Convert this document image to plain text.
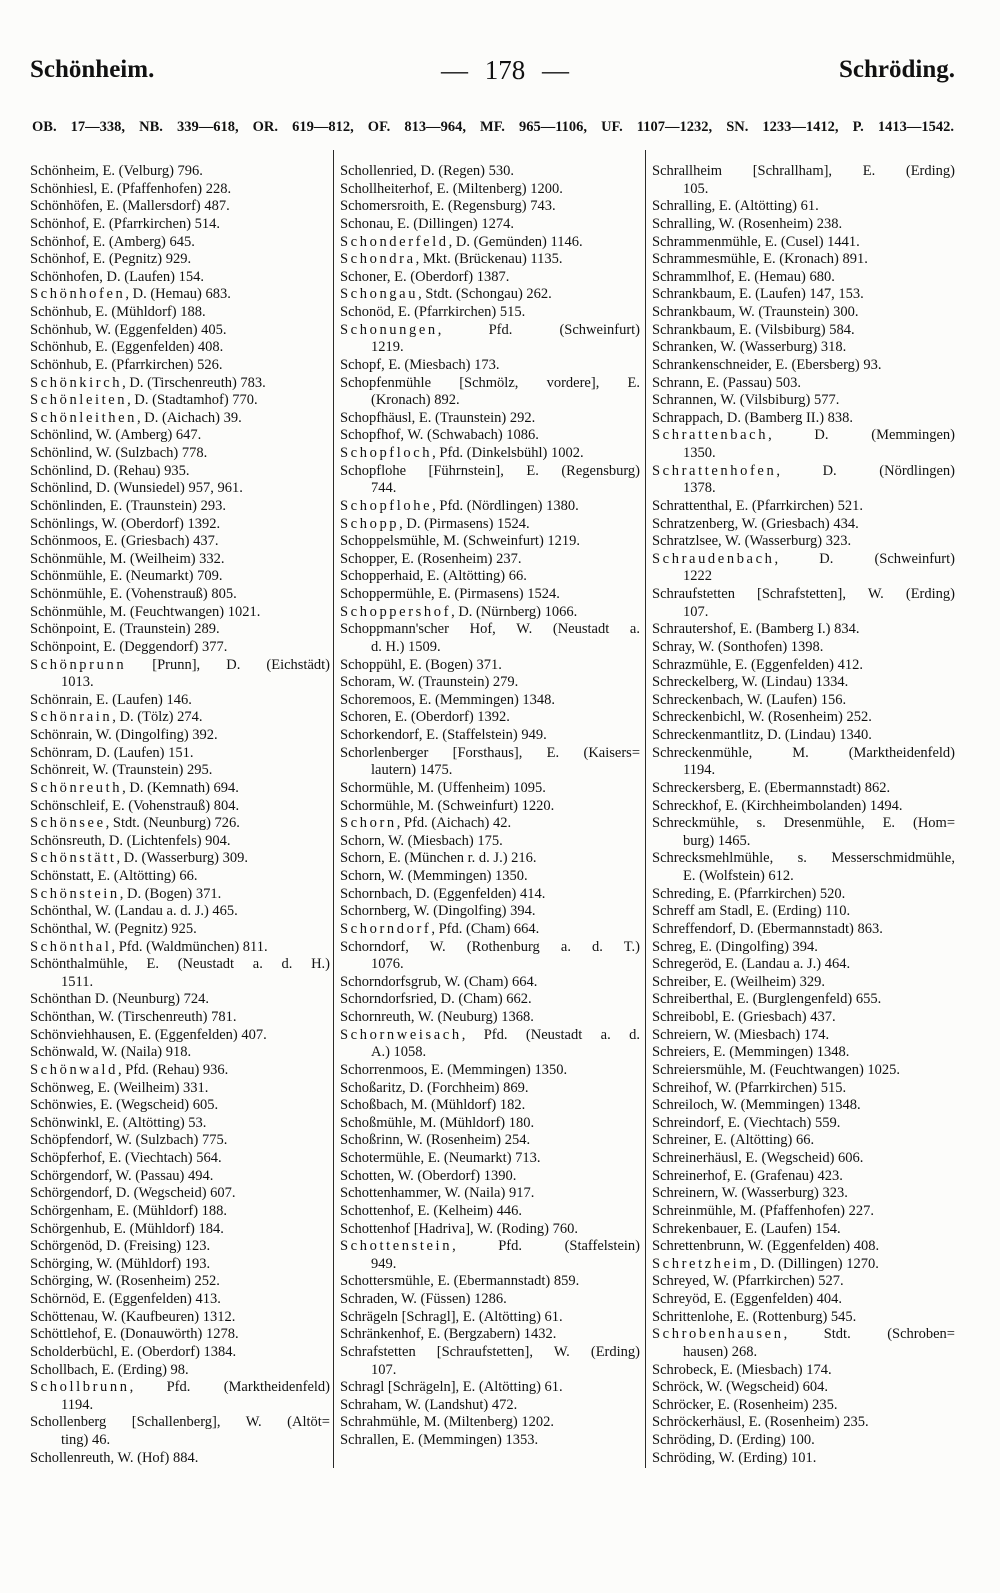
Schönheim.	— 178 —	Schröding.
OB. 17—338, NB. 339—618, OR. 619—812, OF. 813—964, MF. 965—1106, UF. 1107—1232, SN. 1233—1412, P. 1413—1542.
Schönheim, E. (Velburg) 796.
Schönhiesl, E. (Pfaffenhofen) 228.
Schönhöfen, E. (Mallersdorf) 487.
Schönhof, E. (Pfarrkirchen) 514.
Schönhof, E. (Amberg) 645.
Schönhof, E. (Pegnitz) 929.
Schönhofen, D. (Laufen) 154.
Schönhofen, D. (Hemau) 683.
Schönhub, E. (Mühldorf) 188.
Schönhub, W. (Eggenfelden) 405.
Schönhub, E. (Eggenfelden) 408.
Schönhub, E. (Pfarrkirchen) 526.
Schönkirch, D. (Tirschenreuth) 783.
Schönleiten, D. (Stadtamhof) 770.
Schönleithen, D. (Aichach) 39.
Schönlind, W. (Amberg) 647.
Schönlind, W. (Sulzbach) 778.
Schönlind, D. (Rehau) 935.
Schönlind, D. (Wunsiedel) 957, 961.
Schönlinden, E. (Traunstein) 293.
Schönlings, W. (Oberdorf) 1392.
Schönmoos, E. (Griesbach) 437.
Schönmühle, M. (Weilheim) 332.
Schönmühle, E. (Neumarkt) 709.
Schönmühle, E. (Vohenstrauß) 805.
Schönmühle, M. (Feuchtwangen) 1021.
Schönpoint, E. (Traunstein) 289.
Schönpoint, E. (Deggendorf) 377.
Schönprunn [Prunn], D. (Eichstädt)
1013.
Schönrain, E. (Laufen) 146.
Schönrain, D. (Tölz) 274.
Schönrain, W. (Dingolfing) 392.
Schönram, D. (Laufen) 151.
Schönreit, W. (Traunstein) 295.
Schönreuth, D. (Kemnath) 694.
Schönschleif, E. (Vohenstrauß) 804.
Schönsee, Stdt. (Neunburg) 726.
Schönsreuth, D. (Lichtenfels) 904.
Schönstätt, D. (Wasserburg) 309.
Schönstatt, E. (Altötting) 66.
Schönstein, D. (Bogen) 371.
Schönthal, W. (Landau a. d. J.) 465.
Schönthal, W. (Pegnitz) 925.
Schönthal, Pfd. (Waldmünchen) 811.
Schönthalmühle, E. (Neustadt a. d. H.)
1511.
Schönthan D. (Neunburg) 724.
Schönthan, W. (Tirschenreuth) 781.
Schönviehhausen, E. (Eggenfelden) 407.
Schönwald, W. (Naila) 918.
Schönwald, Pfd. (Rehau) 936.
Schönweg, E. (Weilheim) 331.
Schönwies, E. (Wegscheid) 605.
Schönwinkl, E. (Altötting) 53.
Schöpfendorf, W. (Sulzbach) 775.
Schöpferhof, E. (Viechtach) 564.
Schörgendorf, W. (Passau) 494.
Schörgendorf, D. (Wegscheid) 607.
Schörgenham, E. (Mühldorf) 188.
Schörgenhub, E. (Mühldorf) 184.
Schörgenöd, D. (Freising) 123.
Schörging, W. (Mühldorf) 193.
Schörging, W. (Rosenheim) 252.
Schörnöd, E. (Eggenfelden) 413.
Schöttenau, W. (Kaufbeuren) 1312.
Schöttlehof, E. (Donauwörth) 1278.
Scholderbüchl, E. (Oberdorf) 1384.
Schollbach, E. (Erding) 98.
Schollbrunn, Pfd. (Marktheidenfeld)
1194.
Schollenberg [Schallenberg], W. (Altöt=
ting) 46.
Schollenreuth, W. (Hof) 884.
Schollenried, D. (Regen) 530.
Schollheiterhof, E. (Miltenberg) 1200.
Schomersroith, E. (Regensburg) 743.
Schonau, E. (Dillingen) 1274.
Schonderfeld, D. (Gemünden) 1146.
Schondra, Mkt. (Brückenau) 1135.
Schoner, E. (Oberdorf) 1387.
Schongau, Stdt. (Schongau) 262.
Schonöd, E. (Pfarrkirchen) 515.
Schonungen, Pfd. (Schweinfurt)
1219.
Schopf, E. (Miesbach) 173.
Schopfenmühle [Schmölz, vordere], E.
(Kronach) 892.
Schopfhäusl, E. (Traunstein) 292.
Schopfhof, W. (Schwabach) 1086.
Schopfloch, Pfd. (Dinkelsbühl) 1002.
Schopflohe [Führnstein], E. (Regensburg)
744.
Schopflohe, Pfd. (Nördlingen) 1380.
Schopp, D. (Pirmasens) 1524.
Schoppelsmühle, M. (Schweinfurt) 1219.
Schopper, E. (Rosenheim) 237.
Schopperhaid, E. (Altötting) 66.
Schoppermühle, E. (Pirmasens) 1524.
Schoppershof, D. (Nürnberg) 1066.
Schoppmann'scher Hof, W. (Neustadt a.
d. H.) 1509.
Schoppühl, E. (Bogen) 371.
Schoram, W. (Traunstein) 279.
Schoremoos, E. (Memmingen) 1348.
Schoren, E. (Oberdorf) 1392.
Schorkendorf, E. (Staffelstein) 949.
Schorlenberger [Forsthaus], E. (Kaisers=
lautern) 1475.
Schormühle, M. (Uffenheim) 1095.
Schormühle, M. (Schweinfurt) 1220.
Schorn, Pfd. (Aichach) 42.
Schorn, W. (Miesbach) 175.
Schorn, E. (München r. d. J.) 216.
Schorn, W. (Memmingen) 1350.
Schornbach, D. (Eggenfelden) 414.
Schornberg, W. (Dingolfing) 394.
Schorndorf, Pfd. (Cham) 664.
Schorndorf, W. (Rothenburg a. d. T.)
1076.
Schorndorfsgrub, W. (Cham) 664.
Schorndorfsried, D. (Cham) 662.
Schornreuth, W. (Neuburg) 1368.
Schornweisach, Pfd. (Neustadt a. d.
A.) 1058.
Schorrenmoos, E. (Memmingen) 1350.
Schoßaritz, D. (Forchheim) 869.
Schoßbach, M. (Mühldorf) 182.
Schoßmühle, M. (Mühldorf) 180.
Schoßrinn, W. (Rosenheim) 254.
Schotermühle, E. (Neumarkt) 713.
Schotten, W. (Oberdorf) 1390.
Schottenhammer, W. (Naila) 917.
Schottenhof, E. (Kelheim) 446.
Schottenhof [Hadriva], W. (Roding) 760.
Schottenstein, Pfd. (Staffelstein)
949.
Schottersmühle, E. (Ebermannstadt) 859.
Schraden, W. (Füssen) 1286.
Schrägeln [Schragl], E. (Altötting) 61.
Schränkenhof, E. (Bergzabern) 1432.
Schrafstetten [Schraufstetten], W. (Erding)
107.
Schragl [Schrägeln], E. (Altötting) 61.
Schraham, W. (Landshut) 472.
Schrahmühle, M. (Miltenberg) 1202.
Schrallen, E. (Memmingen) 1353.
Schrallheim [Schrallham], E. (Erding)
105.
Schralling, E. (Altötting) 61.
Schralling, W. (Rosenheim) 238.
Schrammenmühle, E. (Cusel) 1441.
Schrammesmühle, E. (Kronach) 891.
Schrammlhof, E. (Hemau) 680.
Schrankbaum, E. (Laufen) 147, 153.
Schrankbaum, W. (Traunstein) 300.
Schrankbaum, E. (Vilsbiburg) 584.
Schranken, W. (Wasserburg) 318.
Schrankenschneider, E. (Ebersberg) 93.
Schrann, E. (Passau) 503.
Schrannen, W. (Vilsbiburg) 577.
Schrappach, D. (Bamberg II.) 838.
Schrattenbach, D. (Memmingen)
1350.
Schrattenhofen, D. (Nördlingen)
1378.
Schrattenthal, E. (Pfarrkirchen) 521.
Schratzenberg, W. (Griesbach) 434.
Schratzlsee, W. (Wasserburg) 323.
Schraudenbach, D. (Schweinfurt)
1222
Schraufstetten [Schrafstetten], W. (Erding)
107.
Schrautershof, E. (Bamberg I.) 834.
Schray, W. (Sonthofen) 1398.
Schrazmühle, E. (Eggenfelden) 412.
Schreckelberg, W. (Lindau) 1334.
Schreckenbach, W. (Laufen) 156.
Schreckenbichl, W. (Rosenheim) 252.
Schreckenmantlitz, D. (Lindau) 1340.
Schreckenmühle, M. (Marktheidenfeld)
1194.
Schreckersberg, E. (Ebermannstadt) 862.
Schreckhof, E. (Kirchheimbolanden) 1494.
Schreckmühle, s. Dresenmühle, E. (Hom=
burg) 1465.
Schrecksmehlmühle, s. Messerschmidmühle,
E. (Wolfstein) 612.
Schreding, E. (Pfarrkirchen) 520.
Schreff am Stadl, E. (Erding) 110.
Schreffendorf, D. (Ebermannstadt) 863.
Schreg, E. (Dingolfing) 394.
Schregeröd, E. (Landau a. J.) 464.
Schreiber, E. (Weilheim) 329.
Schreiberthal, E. (Burglengenfeld) 655.
Schreibobl, E. (Griesbach) 437.
Schreiern, W. (Miesbach) 174.
Schreiers, E. (Memmingen) 1348.
Schreiersmühle, M. (Feuchtwangen) 1025.
Schreihof, W. (Pfarrkirchen) 515.
Schreiloch, W. (Memmingen) 1348.
Schreindorf, E. (Viechtach) 559.
Schreiner, E. (Altötting) 66.
Schreinerhäusl, E. (Wegscheid) 606.
Schreinerhof, E. (Grafenau) 423.
Schreinern, W. (Wasserburg) 323.
Schreinmühle, M. (Pfaffenhofen) 227.
Schrekenbauer, E. (Laufen) 154.
Schrettenbrunn, W. (Eggenfelden) 408.
Schretzheim, D. (Dillingen) 1270.
Schreyed, W. (Pfarrkirchen) 527.
Schreyöd, E. (Eggenfelden) 404.
Schrittenlohe, E. (Rottenburg) 545.
Schrobenhausen, Stdt. (Schroben=
hausen) 268.
Schrobeck, E. (Miesbach) 174.
Schröck, W. (Wegscheid) 604.
Schröcker, E. (Rosenheim) 235.
Schröckerhäusl, E. (Rosenheim) 235.
Schröding, D. (Erding) 100.
Schröding, W. (Erding) 101.
